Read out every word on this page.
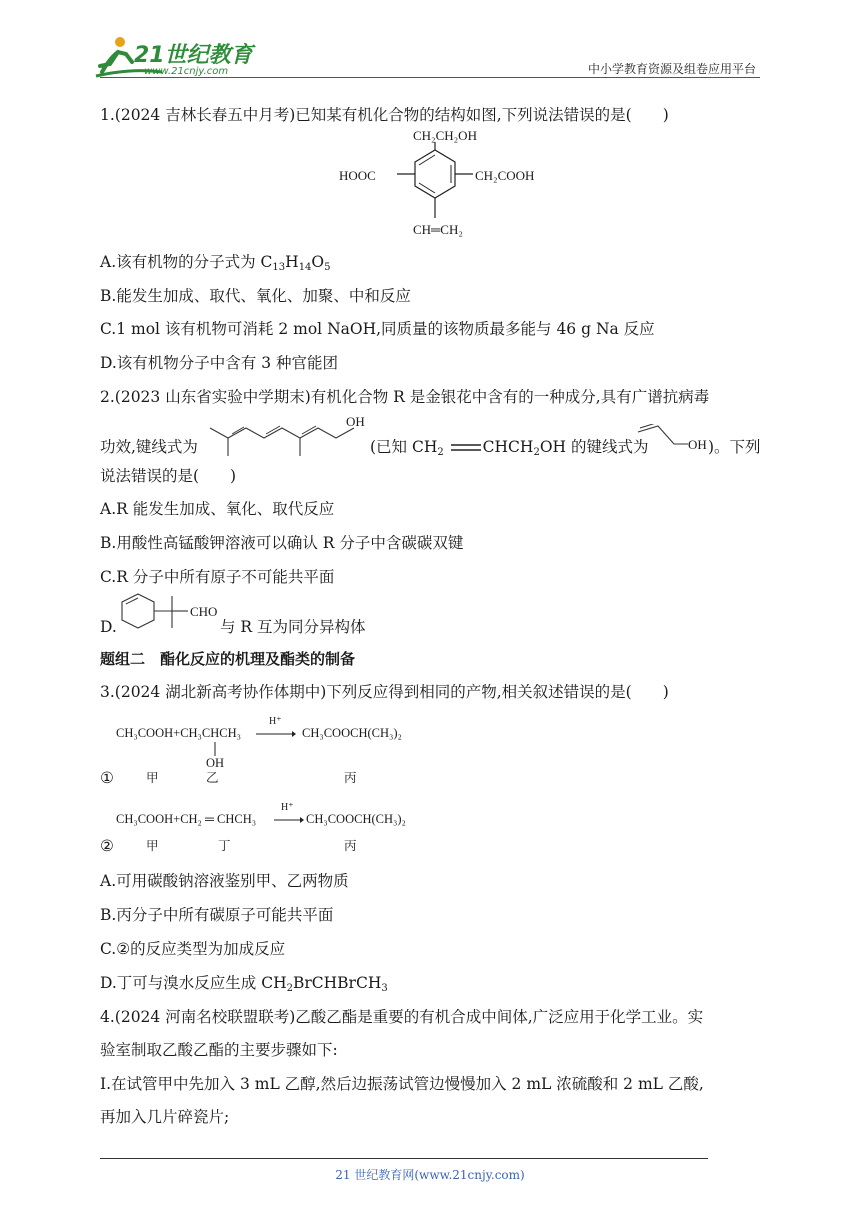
21世纪教育
www.21cnjy.com	中小学教育资源及组卷应用平台
1.(2024 吉林长春五中月考)已知某有机化合物的结构如图,下列说法错误的是(　　)
CH₂CH₂OH
HOOC	CH₂COOH
CH═CH₂
A.该有机物的分子式为 $C_{13}H_{14}O_5$
B.能发生加成、取代、氧化、加聚、中和反应
C.1 mol 该有机物可消耗 2 mol NaOH,同质量的该物质最多能与 46 g Na 反应
D.该有机物分子中含有 3 种官能团
2.(2023 山东省实验中学期末)有机化合物 R 是金银花中含有的一种成分,具有广谱抗病毒
功效,键线式为
OH
(已知 $CH_2$	$CHCH_2OH$ 的键线式为	OH )。下列
说法错误的是(　　)
A.R 能发生加成、氧化、取代反应
B.用酸性高锰酸钾溶液可以确认 R 分子中含碳碳双键
C.R 分子中所有原子不可能共平面
D.
CHO
与 R 互为同分异构体
题组二　酯化反应的机理及酯类的制备
3.(2024 湖北新高考协作体期中)下列反应得到相同的产物,相关叙述错误的是(　　)
CH₃COOH+CH₃CHCH₃
H⁺
CH₃COOCH(CH₃)₂
OH
①	甲	乙	丙
CH₃COOH+CH₂ ═ CHCH₃
H⁺
CH₃COOCH(CH₃)₂
②	甲	丁	丙
A.可用碳酸钠溶液鉴别甲、乙两物质
B.丙分子中所有碳原子可能共平面
C.②的反应类型为加成反应
D.丁可与溴水反应生成 $CH_2BrCHBrCH_3$
4.(2024 河南名校联盟联考)乙酸乙酯是重要的有机合成中间体,广泛应用于化学工业。实
验室制取乙酸乙酯的主要步骤如下:
Ⅰ.在试管甲中先加入 3 mL 乙醇,然后边振荡试管边慢慢加入 2 mL 浓硫酸和 2 mL 乙酸,
再加入几片碎瓷片;
21 世纪教育网(www.21cnjy.com)
